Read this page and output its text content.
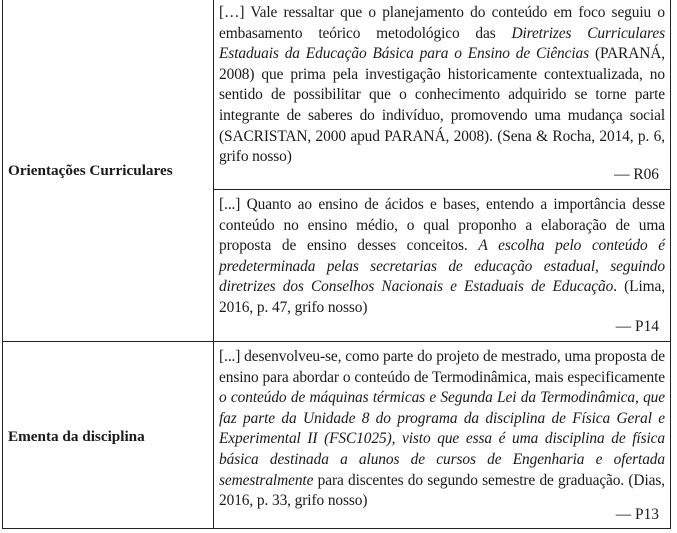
Orientações Curriculares
[…] Vale ressaltar que o planejamento do conteúdo em foco seguiu o embasamento teórico metodológico das Diretrizes Curriculares Estaduais da Educação Básica para o Ensino de Ciências (PARANÁ, 2008) que prima pela investigação historicamente contextualizada, no sentido de possibilitar que o conhecimento adquirido se torne parte integrante de saberes do indivíduo, promovendo uma mudança social (SACRISTAN, 2000 apud PARANÁ, 2008). (Sena & Rocha, 2014, p. 6, grifo nosso)
— R06
[...] Quanto ao ensino de ácidos e bases, entendo a importância desse conteúdo no ensino médio, o qual proponho a elaboração de uma proposta de ensino desses conceitos. A escolha pelo conteúdo é predeterminada pelas secretarias de educação estadual, seguindo diretrizes dos Conselhos Nacionais e Estaduais de Educação. (Lima, 2016, p. 47, grifo nosso)
— P14
Ementa da disciplina
[...] desenvolveu-se, como parte do projeto de mestrado, uma proposta de ensino para abordar o conteúdo de Termodinâmica, mais especificamente o conteúdo de máquinas térmicas e Segunda Lei da Termodinâmica, que faz parte da Unidade 8 do programa da disciplina de Física Geral e Experimental II (FSC1025), visto que essa é uma disciplina de física básica destinada a alunos de cursos de Engenharia e ofertada semestralmente para discentes do segundo semestre de graduação. (Dias, 2016, p. 33, grifo nosso)
— P13
